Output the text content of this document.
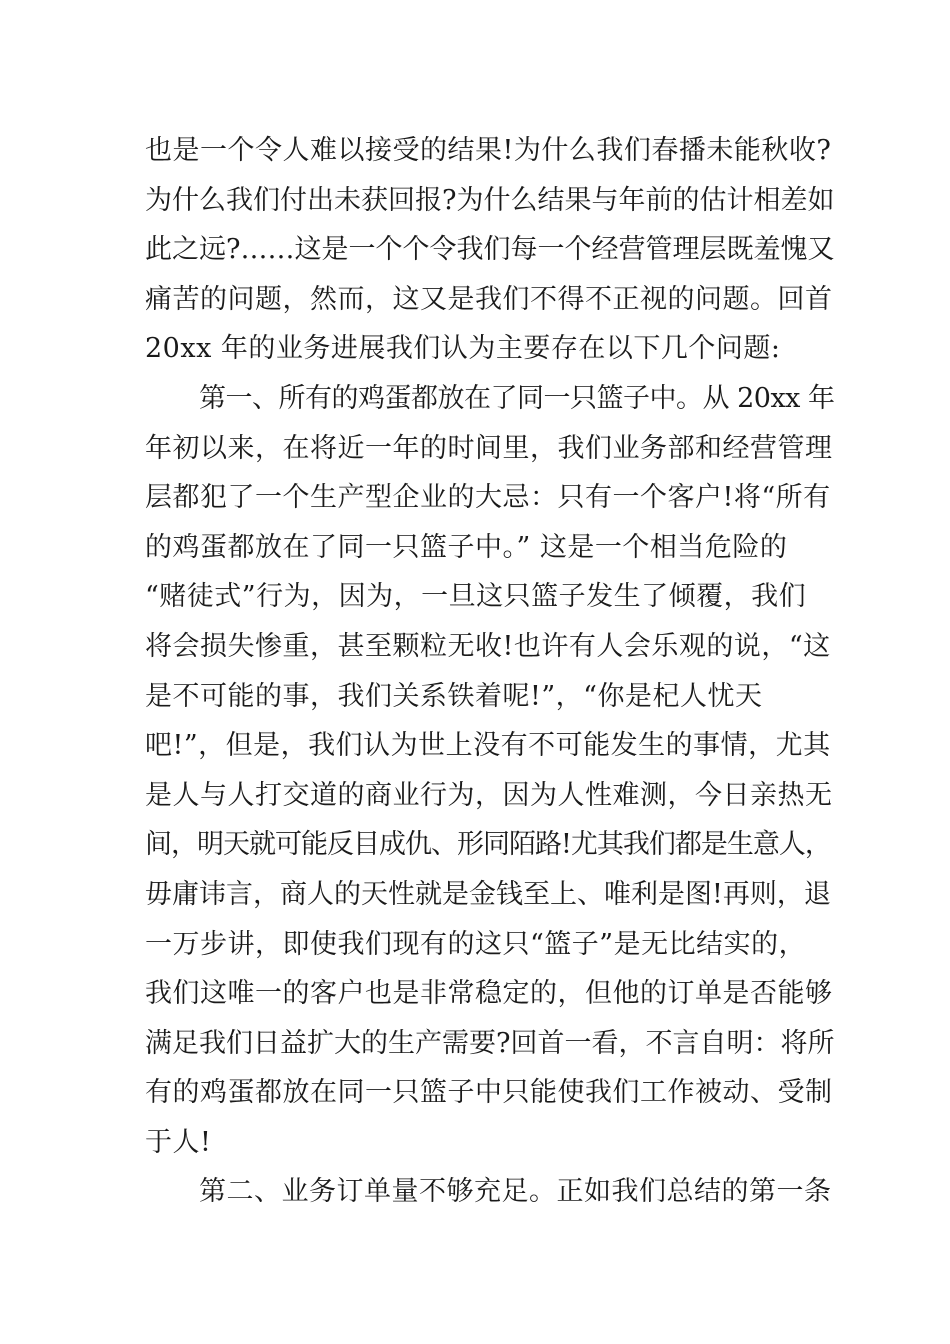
也是一个令人难以接受的结果!为什么我们春播未能秋收?
为什么我们付出未获回报?为什么结果与年前的估计相差如
此之远?……这是一个个令我们每一个经营管理层既羞愧又
痛苦的问题，然而，这又是我们不得不正视的问题。回首
20xx 年的业务进展我们认为主要存在以下几个问题:
第一、所有的鸡蛋都放在了同一只篮子中。从 20xx 年
年初以来，在将近一年的时间里，我们业务部和经营管理
层都犯了一个生产型企业的大忌：只有一个客户!将“所有
的鸡蛋都放在了同一只篮子中。” 这是一个相当危险的
“赌徒式”行为，因为，一旦这只篮子发生了倾覆，我们
将会损失惨重，甚至颗粒无收!也许有人会乐观的说，“这
是不可能的事，我们关系铁着呢!”，“你是杞人忧天
吧!”，但是，我们认为世上没有不可能发生的事情，尤其
是人与人打交道的商业行为，因为人性难测，今日亲热无
间，明天就可能反目成仇、形同陌路!尤其我们都是生意人，
毋庸讳言，商人的天性就是金钱至上、唯利是图!再则，退
一万步讲，即使我们现有的这只“篮子”是无比结实的，
我们这唯一的客户也是非常稳定的，但他的订单是否能够
满足我们日益扩大的生产需要?回首一看，不言自明：将所
有的鸡蛋都放在同一只篮子中只能使我们工作被动、受制
于人!
第二、业务订单量不够充足。正如我们总结的第一条
